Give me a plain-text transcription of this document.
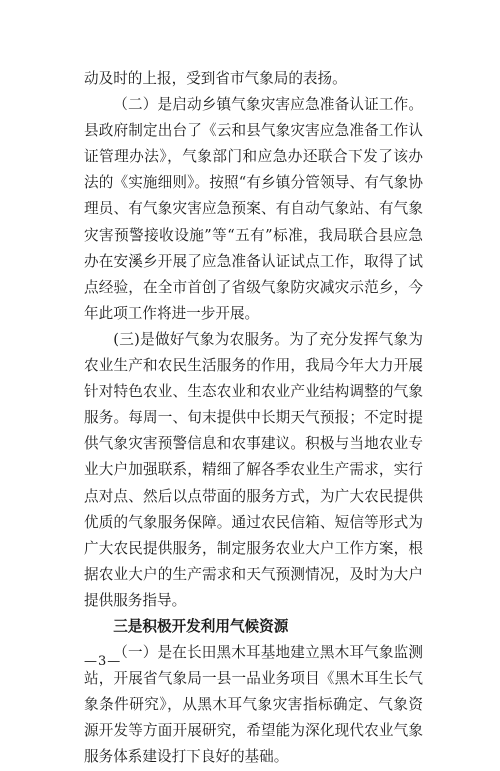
动及时的上报，受到省市气象局的表扬。

（二）是启动乡镇气象灾害应急准备认证工作。县政府制定出台了《云和县气象灾害应急准备工作认证管理办法》，气象部门和应急办还联合下发了该办法的《实施细则》。按照“有乡镇分管领导、有气象协理员、有气象灾害应急预案、有自动气象站、有气象灾害预警接收设施”等“五有”标准，我局联合县应急办在安溪乡开展了应急准备认证试点工作，取得了试点经验，在全市首创了省级气象防灾减灾示范乡，今年此项工作将进一步开展。

(三)是做好气象为农服务。为了充分发挥气象为农业生产和农民生活服务的作用，我局今年大力开展针对特色农业、生态农业和农业产业结构调整的气象服务。每周一、旬末提供中长期天气预报；不定时提供气象灾害预警信息和农事建议。积极与当地农业专业大户加强联系，精细了解各季农业生产需求，实行点对点、然后以点带面的服务方式，为广大农民提供优质的气象服务保障。通过农民信箱、短信等形式为广大农民提供服务，制定服务农业大户工作方案，根据农业大户的生产需求和天气预测情况，及时为大户提供服务指导。

三是积极开发利用气候资源

（一）是在长田黑木耳基地建立黑木耳气象监测站，开展省气象局一县一品业务项目《黑木耳生长气象条件研究》，从黑木耳气象灾害指标确定、气象资源开发等方面开展研究，希望能为深化现代农业气象服务体系建设打下良好的基础。

—3—
